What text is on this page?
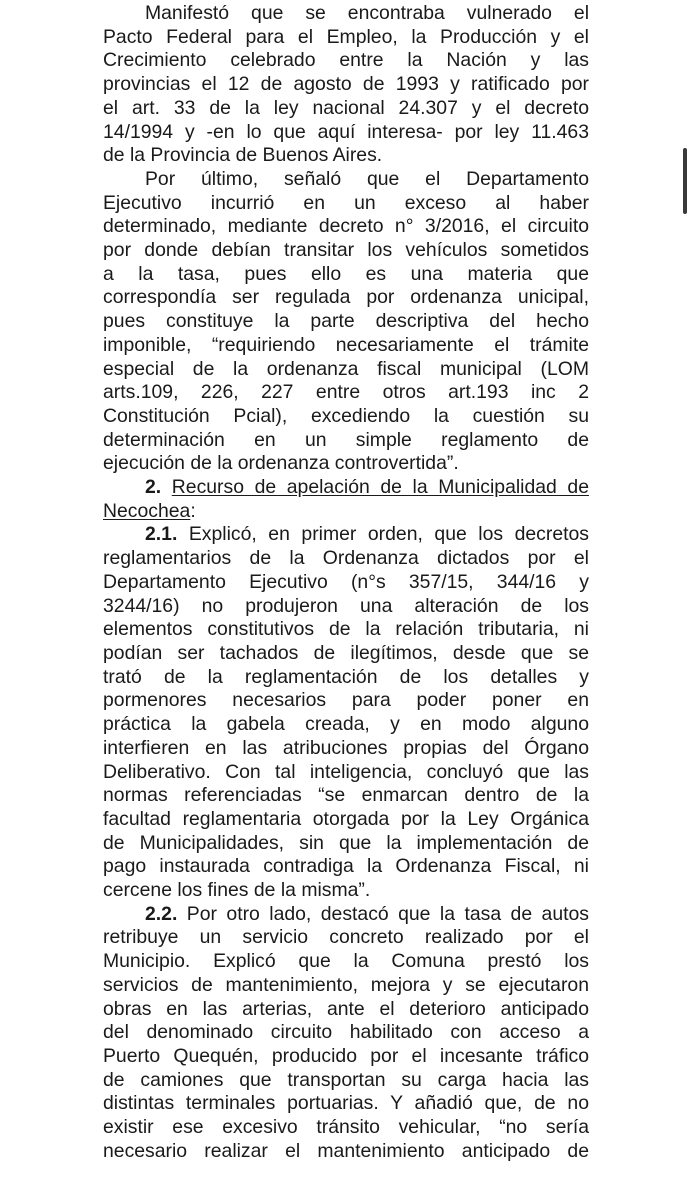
Manifestó que se encontraba vulnerado el
Pacto Federal para el Empleo, la Producción y el
Crecimiento celebrado entre la Nación y las
provincias el 12 de agosto de 1993 y ratificado por
el art. 33 de la ley nacional 24.307 y el decreto
14/1994 y -en lo que aquí interesa- por ley 11.463
de la Provincia de Buenos Aires.
Por último, señaló que el Departamento
Ejecutivo incurrió en un exceso al haber
determinado, mediante decreto n° 3/2016, el circuito
por donde debían transitar los vehículos sometidos
a la tasa, pues ello es una materia que
correspondía ser regulada por ordenanza unicipal,
pues constituye la parte descriptiva del hecho
imponible, “requiriendo necesariamente el trámite
especial de la ordenanza fiscal municipal (LOM
arts.109, 226, 227 entre otros art.193 inc 2
Constitución Pcial), excediendo la cuestión su
determinación en un simple reglamento de
ejecución de la ordenanza controvertida”.
2. Recurso de apelación de la Municipalidad de
Necochea:
2.1. Explicó, en primer orden, que los decretos
reglamentarios de la Ordenanza dictados por el
Departamento Ejecutivo (n°s 357/15, 344/16 y
3244/16) no produjeron una alteración de los
elementos constitutivos de la relación tributaria, ni
podían ser tachados de ilegítimos, desde que se
trató de la reglamentación de los detalles y
pormenores necesarios para poder poner en
práctica la gabela creada, y en modo alguno
interfieren en las atribuciones propias del Órgano
Deliberativo. Con tal inteligencia, concluyó que las
normas referenciadas “se enmarcan dentro de la
facultad reglamentaria otorgada por la Ley Orgánica
de Municipalidades, sin que la implementación de
pago instaurada contradiga la Ordenanza Fiscal, ni
cercene los fines de la misma”.
2.2. Por otro lado, destacó que la tasa de autos
retribuye un servicio concreto realizado por el
Municipio. Explicó que la Comuna prestó los
servicios de mantenimiento, mejora y se ejecutaron
obras en las arterias, ante el deterioro anticipado
del denominado circuito habilitado con acceso a
Puerto Quequén, producido por el incesante tráfico
de camiones que transportan su carga hacia las
distintas terminales portuarias. Y añadió que, de no
existir ese excesivo tránsito vehicular, “no sería
necesario realizar el mantenimiento anticipado de
